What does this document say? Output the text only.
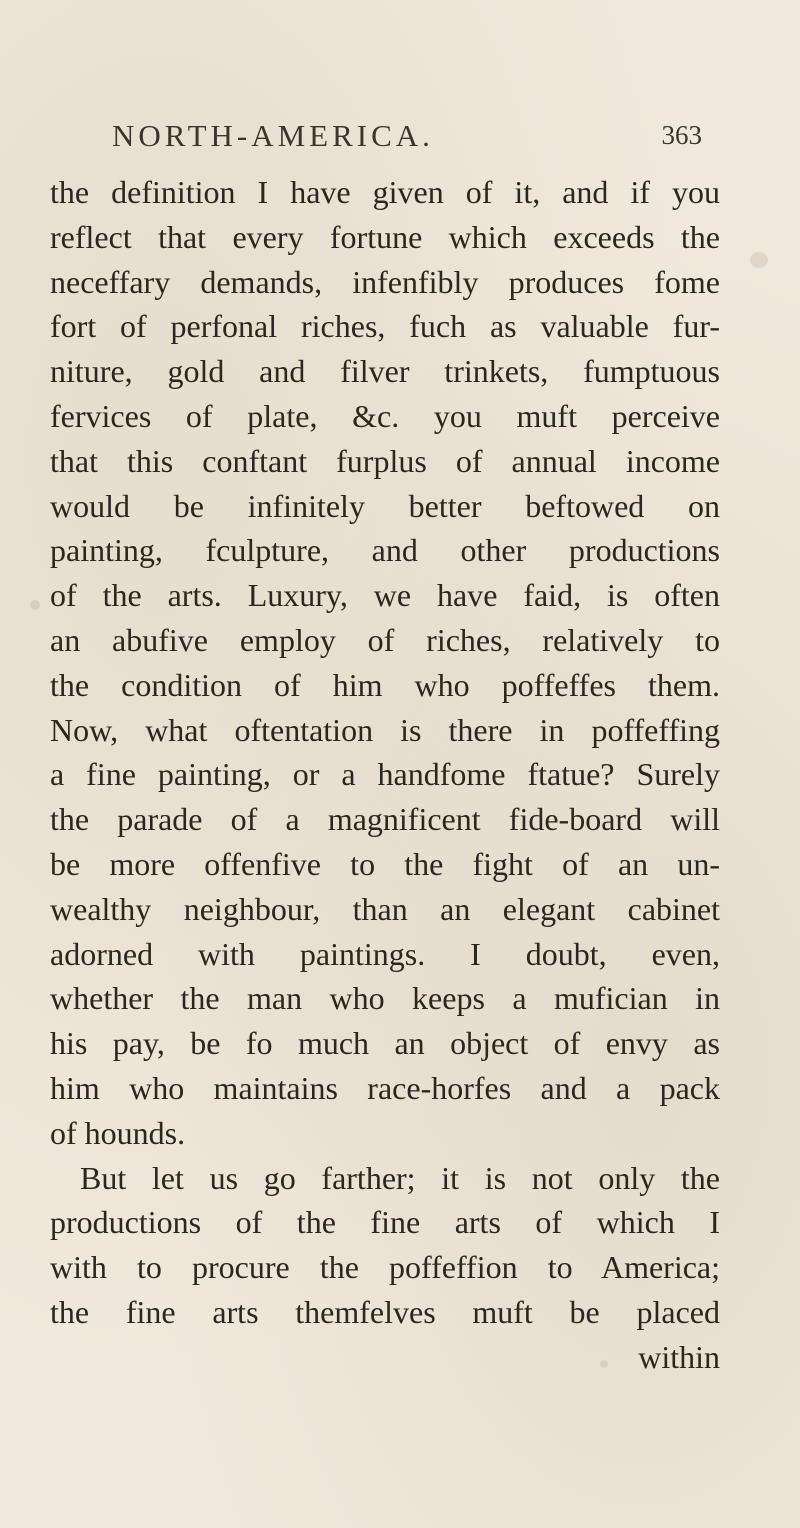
NORTH-AMERICA.	363
the definition I have given of it, and if you
reflect that every fortune which exceeds the
neceffary demands, infenfibly produces fome
fort of perfonal riches, fuch as valuable fur-
niture, gold and filver trinkets, fumptuous
fervices of plate, &c. you muft perceive
that this conftant furplus of annual income
would be infinitely better beftowed on
painting, fculpture, and other productions
of the arts. Luxury, we have faid, is often
an abufive employ of riches, relatively to
the condition of him who poffeffes them.
Now, what oftentation is there in poffeffing
a fine painting, or a handfome ftatue? Surely
the parade of a magnificent fide-board will
be more offenfive to the fight of an un-
wealthy neighbour, than an elegant cabinet
adorned with paintings. I doubt, even,
whether the man who keeps a mufician in
his pay, be fo much an object of envy as
him who maintains race-horfes and a pack
of hounds.
But let us go farther; it is not only the
productions of the fine arts of which I
with to procure the poffeffion to America;
the fine arts themfelves muft be placed
within
